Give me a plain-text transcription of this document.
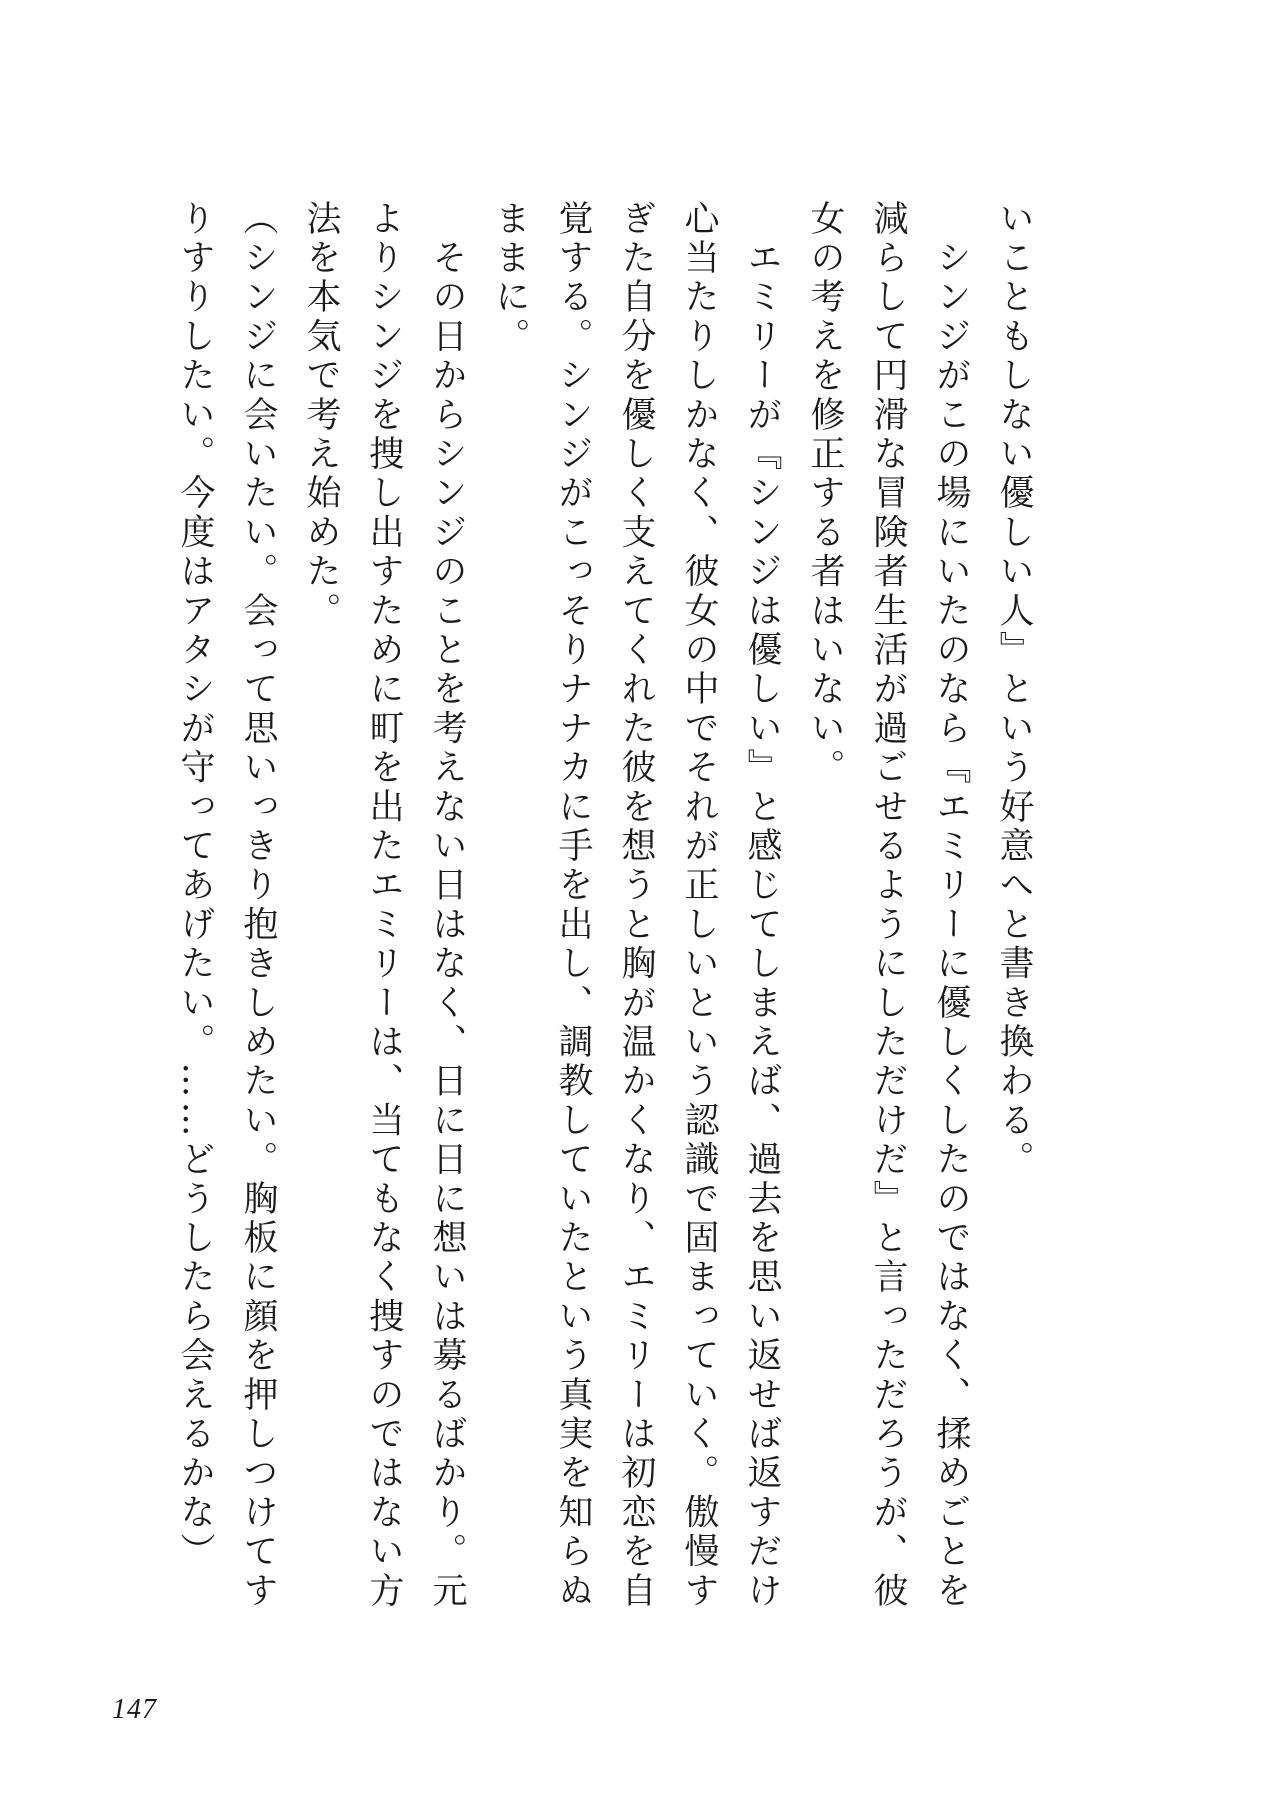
いこともしない優しい人』という好意へと書き換わる。

　シンジがこの場にいたのなら『エミリーに優しくしたのではなく、揉めごとを

減らして円滑な冒険者生活が過ごせるようにしただけだ』と言っただろうが、彼

女の考えを修正する者はいない。

　エミリーが『シンジは優しい』と感じてしまえば、過去を思い返せば返すだけ

心当たりしかなく、彼女の中でそれが正しいという認識で固まっていく。傲慢す

ぎた自分を優しく支えてくれた彼を想うと胸が温かくなり、エミリーは初恋を自

覚する。シンジがこっそりナナカに手を出し、調教していたという真実を知らぬ

ままに。

　その日からシンジのことを考えない日はなく、日に日に想いは募るばかり。元

よりシンジを捜し出すために町を出たエミリーは、当てもなく捜すのではない方

法を本気で考え始めた。

（シンジに会いたい。会って思いっきり抱きしめたい。胸板に顔を押しつけてす

りすりしたい。今度はアタシが守ってあげたい。……どうしたら会えるかな）

147
